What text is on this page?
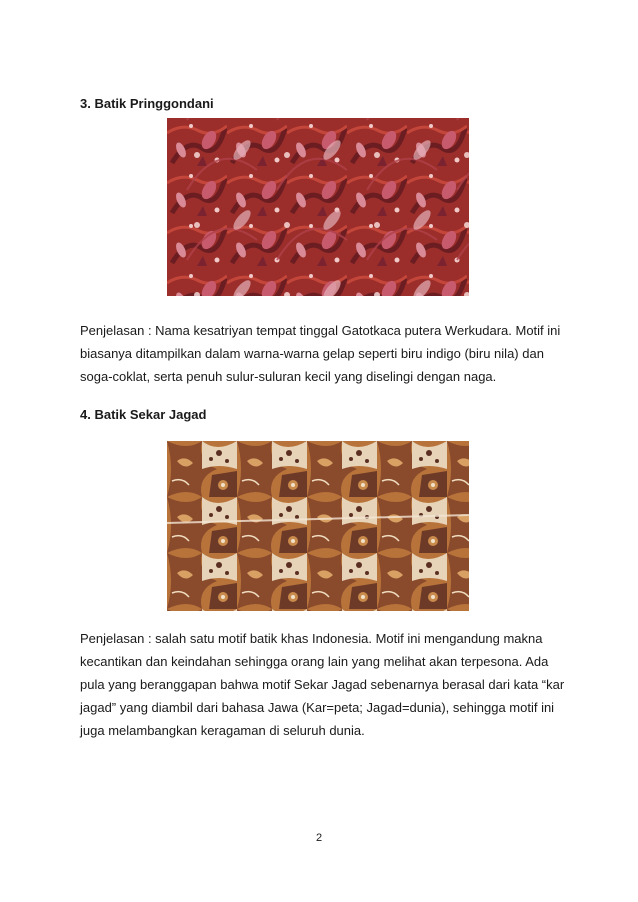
3. Batik Pringgondani

Penjelasan : Nama kesatriyan tempat tinggal Gatotkaca putera Werkudara. Motif ini
biasanya ditampilkan dalam warna-warna gelap seperti biru indigo (biru nila) dan
soga-coklat, serta penuh sulur-suluran kecil yang diselingi dengan naga.

4. Batik Sekar Jagad

Penjelasan : salah satu motif batik khas Indonesia. Motif ini mengandung makna
kecantikan dan keindahan sehingga orang lain yang melihat akan terpesona. Ada
pula yang beranggapan bahwa motif Sekar Jagad sebenarnya berasal dari kata “kar
jagad” yang diambil dari bahasa Jawa (Kar=peta; Jagad=dunia), sehingga motif ini
juga melambangkan keragaman di seluruh dunia.

2
